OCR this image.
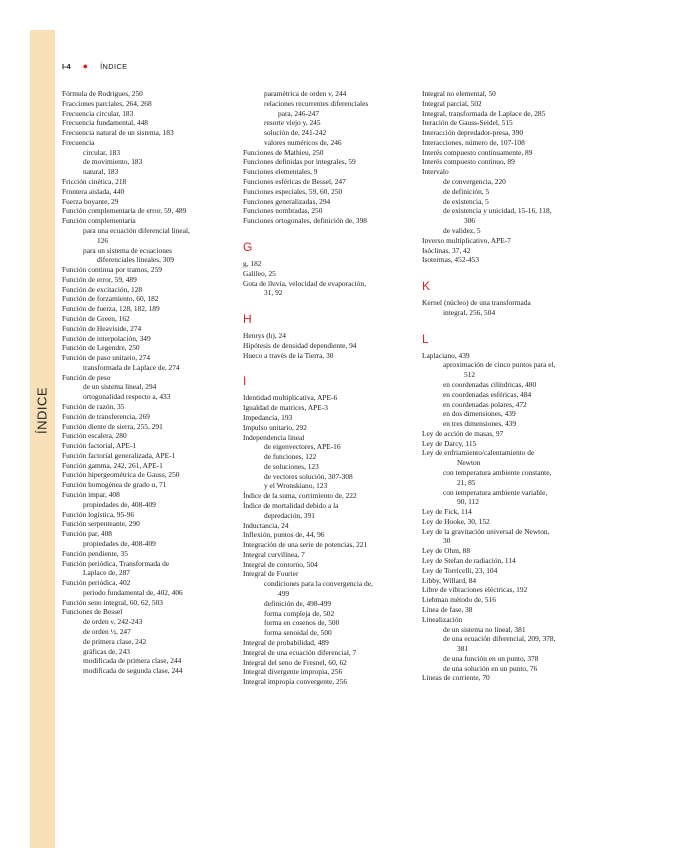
ÍNDICE
I-4 ● ÍNDICE
Fórmula de Rodrigues, 250
Fracciones parciales, 264, 268
Frecuencia circular, 183
Frecuencia fundamental, 448
Frecuencia natural de un sistema, 183
Frecuencia
circular, 183
de movimiento, 183
natural, 183
Fricción cinética, 218
Frontera aislada, 440
Fuerza boyante, 29
Función complementaria de error, 59, 489
Función complementaria
para una ecuación diferencial lineal,
126
para un sistema de ecuaciones
diferenciales lineales, 309
Función continua por tramos, 259
Función de error, 59, 489
Función de excitación, 128
Función de forzamiento, 60, 182
Función de fuerza, 128, 182, 189
Función de Green, 162
Función de Heaviside, 274
Función de interpolación, 349
Función de Legendre, 250
Función de paso unitario, 274
transformada de Laplace de, 274
Función de peso
de un sistema lineal, 294
ortogonalidad respecto a, 433
Función de razón, 35
Función de transferencia, 269
Función diente de sierra, 255, 291
Función escalera, 280
Función factorial, APE-1
Función factorial generalizada, APE-1
Función gamma, 242, 261, APE-1
Función hipergeométrica de Gauss, 250
Función homogénea de grado α, 71
Función impar, 408
propiedades de, 408-409
Función logística, 95-96
Función serpenteante, 290
Función par, 408
propiedades de, 408-409
Función pendiente, 35
Función periódica, Transformada de
Laplace de, 287
Función periódica, 402
periodo fundamental de, 402, 406
Función seno integral, 60, 62, 503
Funciones de Bessel
de orden ν, 242-243
de orden ½, 247
de primera clase, 242
gráficas de, 243
modificada de primera clase, 244
modificada de segunda clase, 244
paramétrica de orden ν, 244
relaciones recurrentes diferenciales
para, 246-247
resorte viejo y, 245
solución de, 241-242
valores numéricos de, 246
Funciones de Mathieu, 250
Funciones definidas por integrales, 59
Funciones elementales, 9
Funciones esféricas de Bessel, 247
Funciones especiales, 59, 60, 250
Funciones generalizadas, 294
Funciones nombradas, 250
Funciones ortogonales, definición de, 398
G
g, 182
Galileo, 25
Gota de lluvia, velocidad de evaporación,
31, 92
H
Henrys (h), 24
Hipótesis de densidad dependiente, 94
Hueco a través de la Tierra, 30
I
Identidad multiplicativa, APE-6
Igualdad de matrices, APE-3
Impedancia, 193
Impulso unitario, 292
Independencia lineal
de eigenvectores, APE-16
de funciones, 122
de soluciones, 123
de vectores solución, 307-308
y el Wronskiano, 123
Índice de la suma, corrimiento de, 222
Índice de mortalidad debido a la
depredación, 391
Inductancia, 24
Inflexión, puntos de, 44, 96
Integración de una serie de potencias, 221
Integral curvilínea, 7
Integral de contorno, 504
Integral de Fourier
condiciones para la convergencia de,
499
definición de, 498-499
forma compleja de, 502
forma en cosenos de, 500
forma senoidal de, 500
Integral de probabilidad, 489
Integral de una ecuación diferencial, 7
Integral del seno de Fresnel, 60, 62
Integral divergente impropia, 256
Integral impropia convergente, 256
Integral no elemental, 50
Integral parcial, 502
Integral, transformada de Laplace de, 285
Iteración de Gauss-Seidel, 515
Interacción depredador-presa, 390
Interacciones, número de, 107-108
Interés compuesto continuamente, 89
Interés compuesto continuo, 89
Intervalo
de convergencia, 220
de definición, 5
de existencia, 5
de existencia y unicidad, 15-16, 118,
306
de validez, 5
Inverso multiplicativo, APE-7
Isóclinas, 37, 42
Isotermas, 452-453
K
Kernel (núcleo) de una transformada
integral, 256, 504
L
Laplaciano, 439
aproximación de cinco puntos para el,
512
en coordenadas cilíndricas, 480
en coordenadas esféricas, 484
en coordenadas polares, 472
en dos dimensiones, 439
en tres dimensiones, 439
Ley de acción de masas, 97
Ley de Darcy, 115
Ley de enfriamiento/calentamiento de
Newton
con temperatura ambiente constante,
21, 85
con temperatura ambiente variable,
90, 112
Ley de Fick, 114
Ley de Hooke, 30, 152
Ley de la gravitación universal de Newton,
30
Ley de Ohm, 88
Ley de Stefan de radiación, 114
Ley de Torricelli, 23, 104
Libby, Willard, 84
Libre de vibraciones eléctricas, 192
Liebman método de, 516
Línea de fase, 38
Linealización
de un sistema no lineal, 381
de una ecuación diferencial, 209, 378,
381
de una función en un punto, 378
de una solución en un punto, 76
Líneas de corriente, 70
